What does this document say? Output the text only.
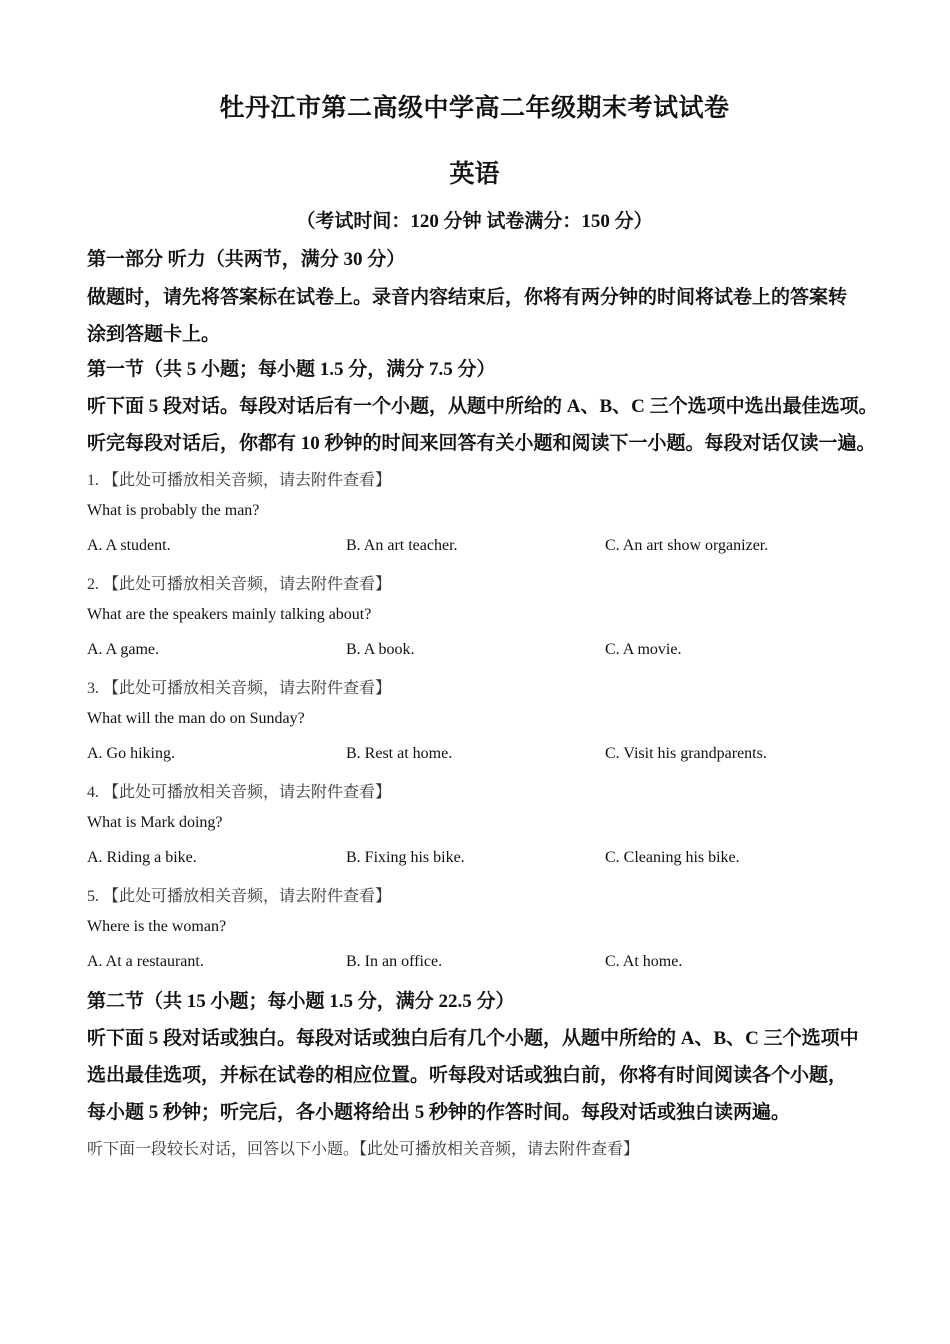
牡丹江市第二高级中学高二年级期末考试试卷
英语
（考试时间：120 分钟 试卷满分：150 分）
第一部分 听力（共两节，满分 30 分）
做题时，请先将答案标在试卷上。录音内容结束后，你将有两分钟的时间将试卷上的答案转
涂到答题卡上。
第一节（共 5 小题；每小题 1.5 分，满分 7.5 分）
听下面 5 段对话。每段对话后有一个小题，从题中所给的 A、B、C 三个选项中选出最佳选项。
听完每段对话后，你都有 10 秒钟的时间来回答有关小题和阅读下一小题。每段对话仅读一遍。
1. 【此处可播放相关音频，请去附件查看】
What is probably the man?
A. A student.	B. An art teacher.	C. An art show organizer.
2. 【此处可播放相关音频，请去附件查看】
What are the speakers mainly talking about?
A. A game.	B. A book.	C. A movie.
3. 【此处可播放相关音频，请去附件查看】
What will the man do on Sunday?
A. Go hiking.	B. Rest at home.	C. Visit his grandparents.
4. 【此处可播放相关音频，请去附件查看】
What is Mark doing?
A. Riding a bike.	B. Fixing his bike.	C. Cleaning his bike.
5. 【此处可播放相关音频，请去附件查看】
Where is the woman?
A. At a restaurant.	B. In an office.	C. At home.
第二节（共 15 小题；每小题 1.5 分，满分 22.5 分）
听下面 5 段对话或独白。每段对话或独白后有几个小题，从题中所给的 A、B、C 三个选项中
选出最佳选项，并标在试卷的相应位置。听每段对话或独白前，你将有时间阅读各个小题，
每小题 5 秒钟；听完后，各小题将给出 5 秒钟的作答时间。每段对话或独白读两遍。
听下面一段较长对话，回答以下小题。【此处可播放相关音频，请去附件查看】
